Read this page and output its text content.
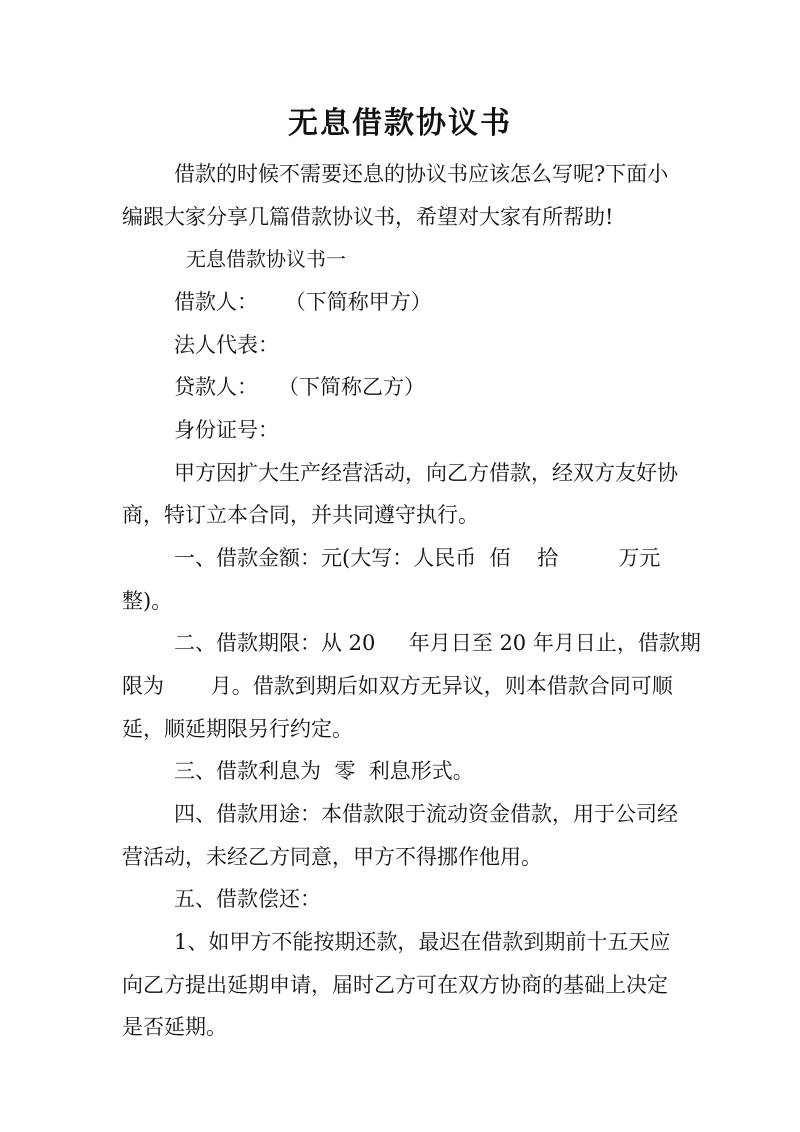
无息借款协议书
借款的时候不需要还息的协议书应该怎么写呢?下面小
编跟大家分享几篇借款协议书，希望对大家有所帮助!
无息借款协议书一
借款人：    （下简称甲方）
法人代表：
贷款人：   （下简称乙方）
身份证号：
甲方因扩大生产经营活动，向乙方借款，经双方友好协
商，特订立本合同，并共同遵守执行。
一、借款金额：元(大写：人民币  佰    拾         万元
整)。
二、借款期限：从 20     年月日至 20 年月日止，借款期
限为       月。借款到期后如双方无异议，则本借款合同可顺
延，顺延期限另行约定。
三、借款利息为  零  利息形式。
四、借款用途：本借款限于流动资金借款，用于公司经
营活动，未经乙方同意，甲方不得挪作他用。
五、借款偿还：
1、如甲方不能按期还款，最迟在借款到期前十五天应
向乙方提出延期申请，届时乙方可在双方协商的基础上决定
是否延期。
